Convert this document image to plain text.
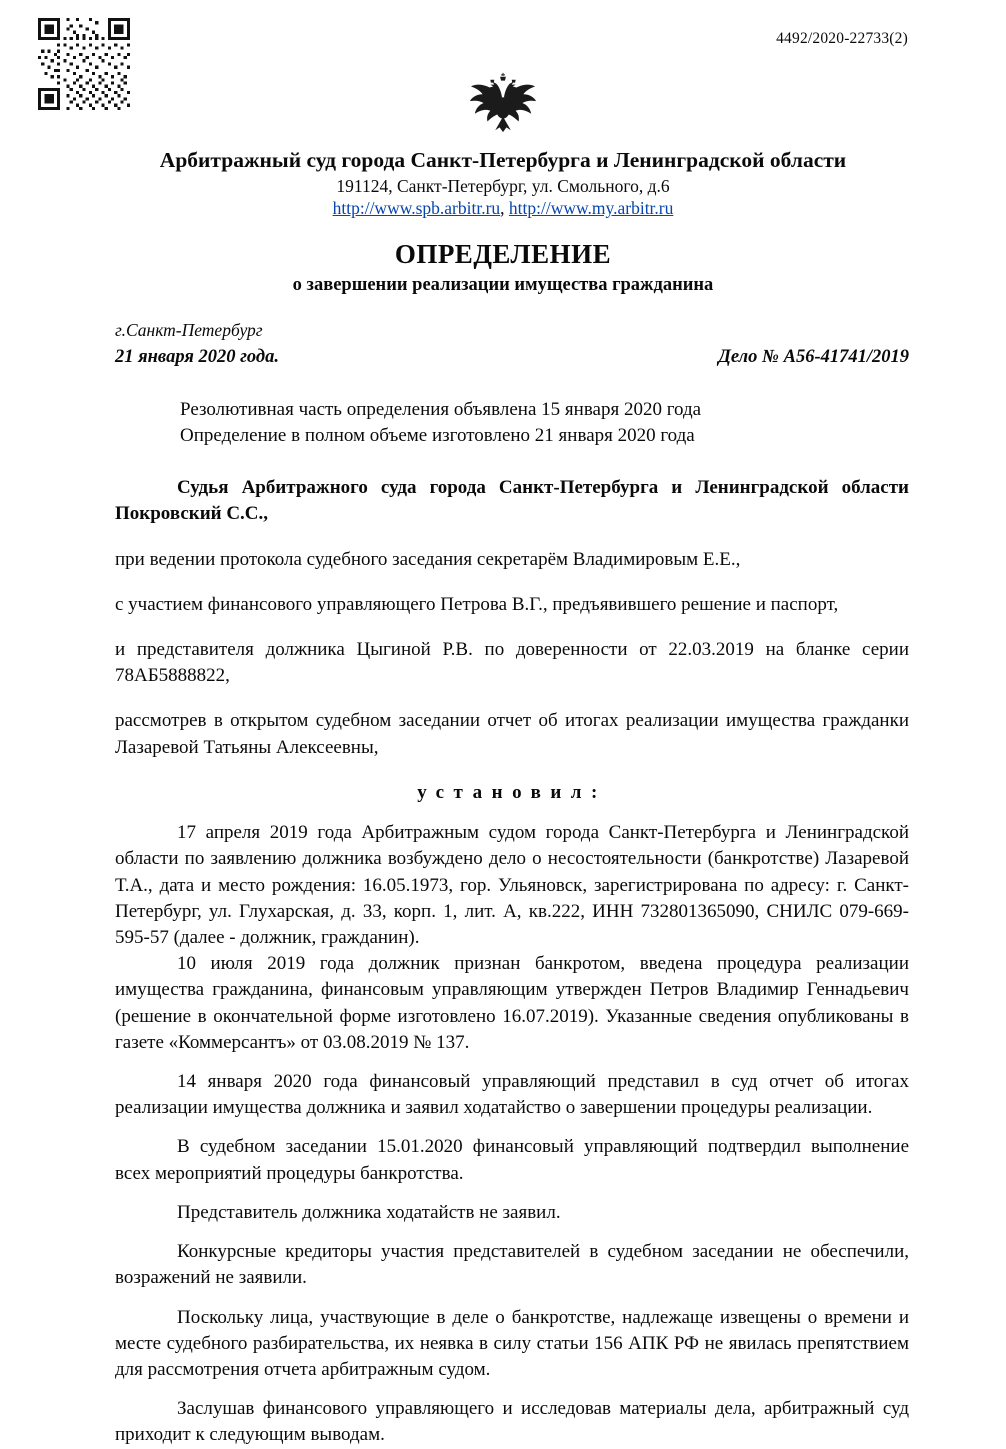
4492/2020-22733(2)
Арбитражный суд города Санкт-Петербурга и Ленинградской области
191124, Санкт-Петербург, ул. Смольного, д.6
http://www.spb.arbitr.ru, http://www.my.arbitr.ru
ОПРЕДЕЛЕНИЕ
о завершении реализации имущества гражданина
г.Санкт-Петербург
21 января 2020 года.	Дело № А56-41741/2019
Резолютивная часть определения объявлена 15 января 2020 года
Определение в полном объеме изготовлено 21 января 2020 года

Судья Арбитражного суда города Санкт-Петербурга и Ленинградской области Покровский С.С.,

при ведении протокола судебного заседания секретарём Владимировым Е.Е.,

с участием финансового управляющего Петрова В.Г., предъявившего решение и паспорт,

и представителя должника Цыгиной Р.В. по доверенности от 22.03.2019 на бланке серии 78АБ5888822,

рассмотрев в открытом судебном заседании отчет об итогах реализации имущества гражданки Лазаревой Татьяны Алексеевны,

установил:

17 апреля 2019 года Арбитражным судом города Санкт-Петербурга и Ленинградской области по заявлению должника возбуждено дело о несостоятельности (банкротстве) Лазаревой Т.А., дата и место рождения: 16.05.1973, гор. Ульяновск, зарегистрирована по адресу: г. Санкт-Петербург, ул. Глухарская, д. 33, корп. 1, лит. А, кв.222, ИНН 732801365090, СНИЛС 079-669-595-57 (далее - должник, гражданин).

10 июля 2019 года должник признан банкротом, введена процедура реализации имущества гражданина, финансовым управляющим утвержден Петров Владимир Геннадьевич (решение в окончательной форме изготовлено 16.07.2019). Указанные сведения опубликованы в газете «Коммерсантъ» от 03.08.2019 № 137.

14 января 2020 года финансовый управляющий представил в суд отчет об итогах реализации имущества должника и заявил ходатайство о завершении процедуры реализации.

В судебном заседании 15.01.2020 финансовый управляющий подтвердил выполнение всех мероприятий процедуры банкротства.

Представитель должника ходатайств не заявил.

Конкурсные кредиторы участия представителей в судебном заседании не обеспечили, возражений не заявили.

Поскольку лица, участвующие в деле о банкротстве, надлежаще извещены о времени и месте судебного разбирательства, их неявка в силу статьи 156 АПК РФ не явилась препятствием для рассмотрения отчета арбитражным судом.

Заслушав финансового управляющего и исследовав материалы дела, арбитражный суд приходит к следующим выводам.
